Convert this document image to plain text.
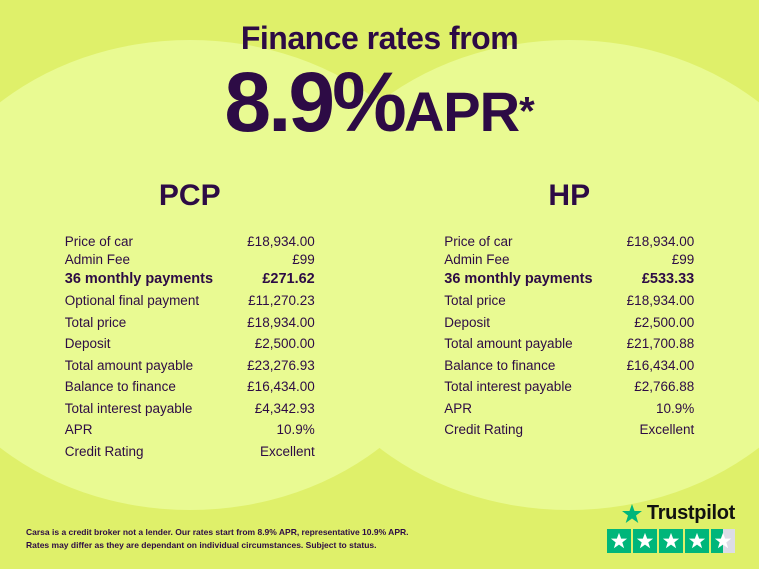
Finance rates from
8.9%APR*
PCP
Price of car	£18,934.00
Admin Fee	£99
36 monthly payments	£271.62
Optional final payment	£11,270.23
Total price	£18,934.00
Deposit	£2,500.00
Total amount payable	£23,276.93
Balance to finance	£16,434.00
Total interest payable	£4,342.93
APR	10.9%
Credit Rating	Excellent
HP
Price of car	£18,934.00
Admin Fee	£99
36 monthly payments	£533.33
Total price	£18,934.00
Deposit	£2,500.00
Total amount payable	£21,700.88
Balance to finance	£16,434.00
Total interest payable	£2,766.88
APR	10.9%
Credit Rating	Excellent
Carsa is a credit broker not a lender. Our rates start from 8.9% APR, representative 10.9% APR.
Rates may differ as they are dependant on individual circumstances. Subject to status.
Trustpilot
